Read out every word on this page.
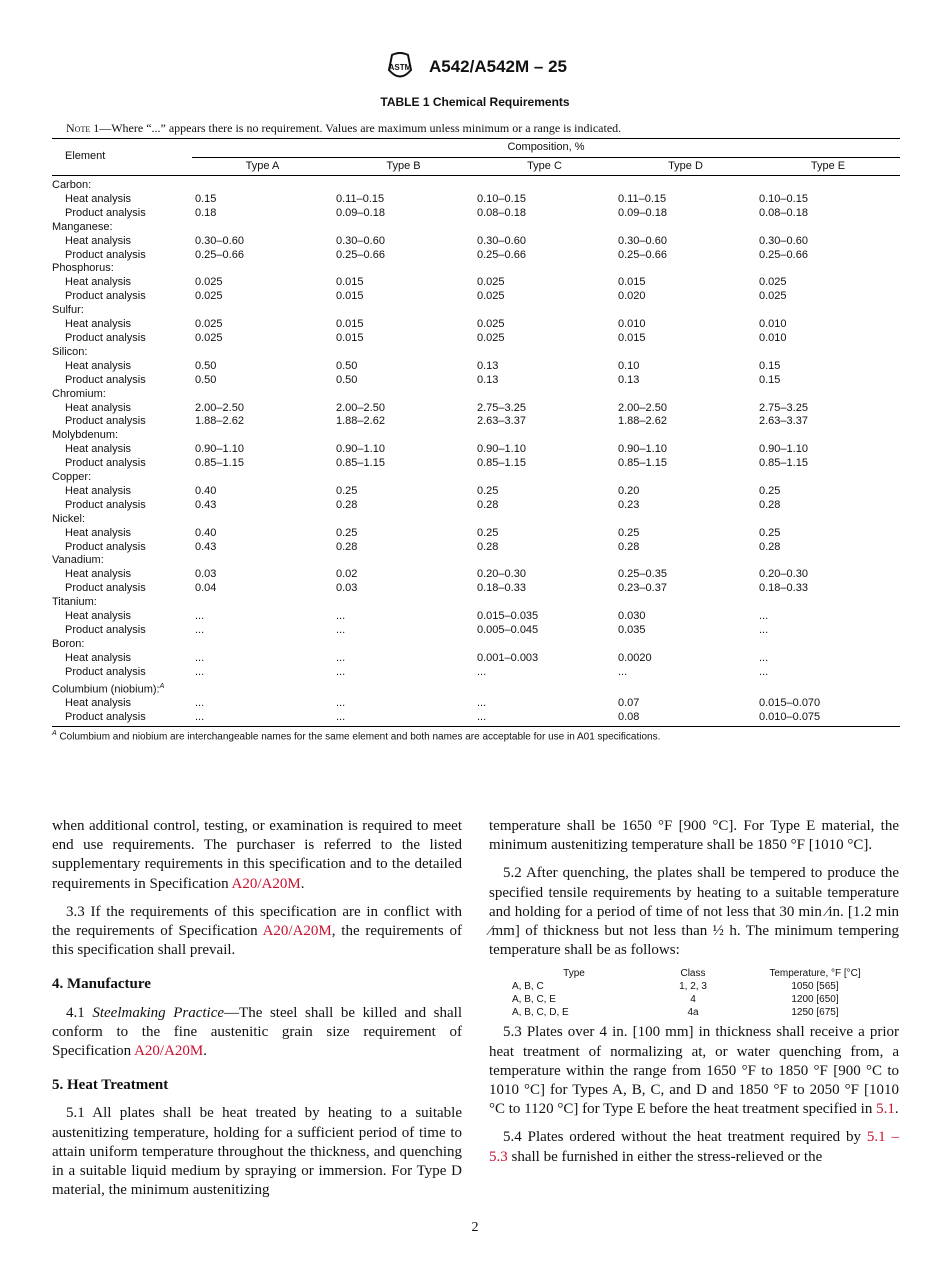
ASTM A542/A542M – 25
TABLE 1 Chemical Requirements
Note 1—Where “...” appears there is no requirement. Values are maximum unless minimum or a range is indicated.
Element	Composition, %				
	Type A	Type B	Type C	Type D	Type E
Carbon:					
Heat analysis	0.15	0.11–0.15	0.10–0.15	0.11–0.15	0.10–0.15
Product analysis	0.18	0.09–0.18	0.08–0.18	0.09–0.18	0.08–0.18
Manganese:					
Heat analysis	0.30–0.60	0.30–0.60	0.30–0.60	0.30–0.60	0.30–0.60
Product analysis	0.25–0.66	0.25–0.66	0.25–0.66	0.25–0.66	0.25–0.66
Phosphorus:					
Heat analysis	0.025	0.015	0.025	0.015	0.025
Product analysis	0.025	0.015	0.025	0.020	0.025
Sulfur:					
Heat analysis	0.025	0.015	0.025	0.010	0.010
Product analysis	0.025	0.015	0.025	0.015	0.010
Silicon:					
Heat analysis	0.50	0.50	0.13	0.10	0.15
Product analysis	0.50	0.50	0.13	0.13	0.15
Chromium:					
Heat analysis	2.00–2.50	2.00–2.50	2.75–3.25	2.00–2.50	2.75–3.25
Product analysis	1.88–2.62	1.88–2.62	2.63–3.37	1.88–2.62	2.63–3.37
Molybdenum:					
Heat analysis	0.90–1.10	0.90–1.10	0.90–1.10	0.90–1.10	0.90–1.10
Product analysis	0.85–1.15	0.85–1.15	0.85–1.15	0.85–1.15	0.85–1.15
Copper:					
Heat analysis	0.40	0.25	0.25	0.20	0.25
Product analysis	0.43	0.28	0.28	0.23	0.28
Nickel:					
Heat analysis	0.40	0.25	0.25	0.25	0.25
Product analysis	0.43	0.28	0.28	0.28	0.28
Vanadium:					
Heat analysis	0.03	0.02	0.20–0.30	0.25–0.35	0.20–0.30
Product analysis	0.04	0.03	0.18–0.33	0.23–0.37	0.18–0.33
Titanium:					
Heat analysis	...	...	0.015–0.035	0.030	...
Product analysis	...	...	0.005–0.045	0.035	...
Boron:					
Heat analysis	...	...	0.001–0.003	0.0020	...
Product analysis	...	...	...	...	...
Columbium (niobium):$^A$
Heat analysis	...	...	...	0.07	0.015–0.070
Product analysis	...	...	...	0.08	0.010–0.075
$^A$ Columbium and niobium are interchangeable names for the same element and both names are acceptable for use in A01 specifications.

when additional control, testing, or examination is required to meet end use requirements. The purchaser is referred to the listed supplementary requirements in this specification and to the detailed requirements in Specification A20/A20M.

3.3 If the requirements of this specification are in conflict with the requirements of Specification A20/A20M, the requirements of this specification shall prevail.

4. Manufacture

4.1 Steelmaking Practice—The steel shall be killed and shall conform to the fine austenitic grain size requirement of Specification A20/A20M.

5. Heat Treatment

5.1 All plates shall be heat treated by heating to a suitable austenitizing temperature, holding for a sufficient period of time to attain uniform temperature throughout the thickness, and quenching in a suitable liquid medium by spraying or immersion. For Type D material, the minimum austenitizing

temperature shall be 1650 °F [900 °C]. For Type E material, the minimum austenitizing temperature shall be 1850 °F [1010 °C].

5.2 After quenching, the plates shall be tempered to produce the specified tensile requirements by heating to a suitable temperature and holding for a period of time of not less that 30 min ⁄in. [1.2 min ⁄mm] of thickness but not less than ½ h. The minimum tempering temperature shall be as follows:

Type	Class	Temperature, °F [°C]
A, B, C	1, 2, 3	1050 [565]
A, B, C, E	4	1200 [650]
A, B, C, D, E	4a	1250 [675]

5.3 Plates over 4 in. [100 mm] in thickness shall receive a prior heat treatment of normalizing at, or water quenching from, a temperature within the range from 1650 °F to 1850 °F [900 °C to 1010 °C] for Types A, B, C, and D and 1850 °F to 2050 °F [1010 °C to 1120 °C] for Type E before the heat treatment specified in 5.1.

5.4 Plates ordered without the heat treatment required by 5.1 – 5.3 shall be furnished in either the stress-relieved or the

2
